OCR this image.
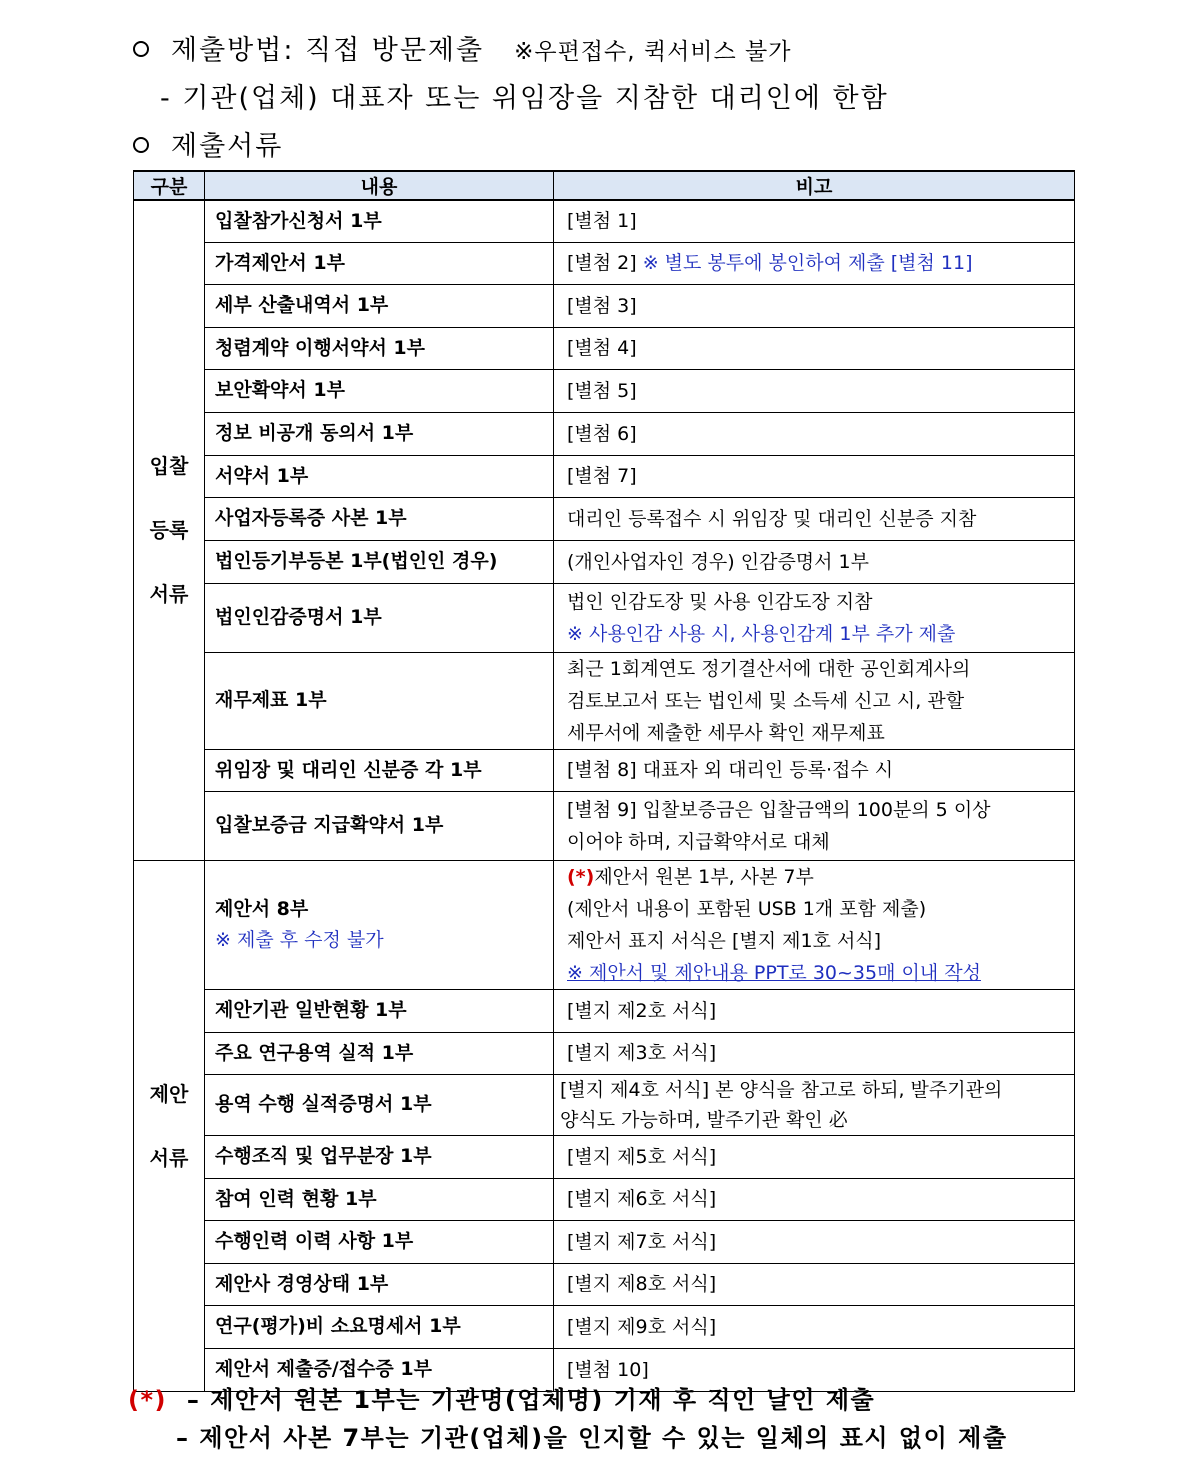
제출방법: 직접 방문제출 ※우편접수, 퀵서비스 불가
- 기관(업체) 대표자 또는 위임장을 지참한 대리인에 한함
제출서류
구분	내용	비고
입찰
등록
서류	입찰참가신청서 1부	[별첨 1]
	가격제안서 1부	[별첨 2] ※ 별도 봉투에 봉인하여 제출 [별첨 11]
	세부 산출내역서 1부	[별첨 3]
	청렴계약 이행서약서 1부	[별첨 4]
	보안확약서 1부	[별첨 5]
	정보 비공개 동의서 1부	[별첨 6]
	서약서 1부	[별첨 7]
	사업자등록증 사본 1부	대리인 등록접수 시 위임장 및 대리인 신분증 지참
	법인등기부등본 1부(법인인 경우)	(개인사업자인 경우) 인감증명서 1부
	법인인감증명서 1부	법인 인감도장 및 사용 인감도장 지참
※ 사용인감 사용 시, 사용인감계 1부 추가 제출

	재무제표 1부	최근 1회계연도 정기결산서에 대한 공인회계사의
검토보고서 또는 법인세 및 소득세 신고 시, 관할
세무서에 제출한 세무사 확인 재무제표

	위임장 및 대리인 신분증 각 1부	[별첨 8] 대표자 외 대리인 등록·접수 시
	입찰보증금 지급확약서 1부	[별첨 9] 입찰보증금은 입찰금액의 100분의 5 이상
이어야 하며, 지급확약서로 대체

제안
서류	제안서 8부
※ 제출 후 수정 불가	(*)제안서 원본 1부, 사본 7부
(제안서 내용이 포함된 USB 1개 포함 제출)
제안서 표지 서식은 [별지 제1호 서식]
※ 제안서 및 제안내용 PPT로 30~35매 이내 작성

	제안기관 일반현황 1부	[별지 제2호 서식]
	주요 연구용역 실적 1부	[별지 제3호 서식]
	용역 수행 실적증명서 1부	[별지 제4호 서식] 본 양식을 참고로 하되, 발주기관의
양식도 가능하며, 발주기관 확인 必

	수행조직 및 업무분장 1부	[별지 제5호 서식]
	참여 인력 현황 1부	[별지 제6호 서식]
	수행인력 이력 사항 1부	[별지 제7호 서식]
	제안사 경영상태 1부	[별지 제8호 서식]
	연구(평가)비 소요명세서 1부	[별지 제9호 서식]
	제안서 제출증/접수증 1부	[별첨 10]
(*) – 제안서 원본 1부는 기관명(업체명) 기재 후 직인 날인 제출
– 제안서 사본 7부는 기관(업체)을 인지할 수 있는 일체의 표시 없이 제출
